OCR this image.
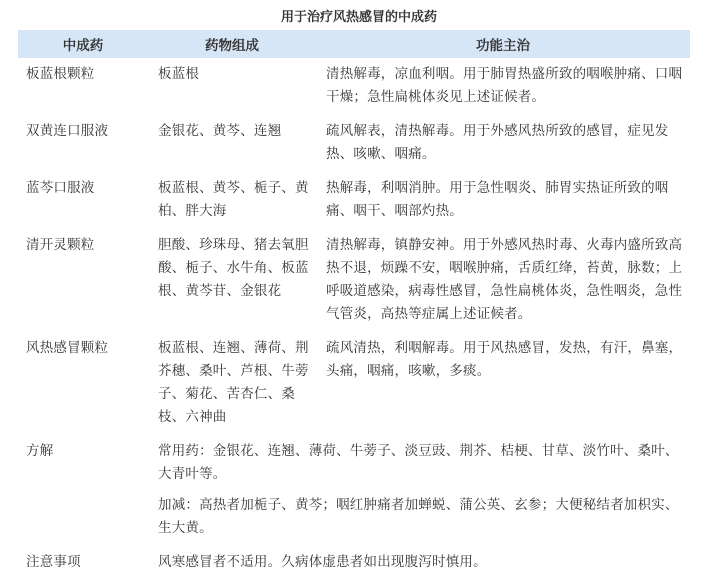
用于治疗风热感冒的中成药
中成药	药物组成	功能主治
板蓝根颗粒	板蓝根	清热解毒，凉血利咽。用于肺胃热盛所致的咽喉肿痛、口咽干燥；急性扁桃体炎见上述证候者。
双黄连口服液	金银花、黄芩、连翘	疏风解表，清热解毒。用于外感风热所致的感冒，症见发热、咳嗽、咽痛。
蓝芩口服液	板蓝根、黄芩、栀子、黄柏、胖大海	热解毒，利咽消肿。用于急性咽炎、肺胃实热证所致的咽痛、咽干、咽部灼热。
清开灵颗粒	胆酸、珍珠母、猪去氧胆酸、栀子、水牛角、板蓝根、黄芩苷、金银花	清热解毒，镇静安神。用于外感风热时毒、火毒内盛所致高热不退，烦躁不安，咽喉肿痛，舌质红绛，苔黄，脉数；上呼吸道感染，病毒性感冒，急性扁桃体炎，急性咽炎，急性气管炎，高热等症属上述证候者。
风热感冒颗粒	板蓝根、连翘、薄荷、荆芥穗、桑叶、芦根、牛蒡子、菊花、苦杏仁、桑枝、六神曲	疏风清热，利咽解毒。用于风热感冒，发热，有汗，鼻塞，头痛，咽痛，咳嗽，多痰。
方解	常用药：金银花、连翘、薄荷、牛蒡子、淡豆豉、荆芥、桔梗、甘草、淡竹叶、桑叶、大青叶等。	
	加减：高热者加栀子、黄芩；咽红肿痛者加蝉蜕、蒲公英、玄参；大便秘结者加枳实、生大黄。	
注意事项	风寒感冒者不适用。久病体虚患者如出现腹泻时慎用。	
